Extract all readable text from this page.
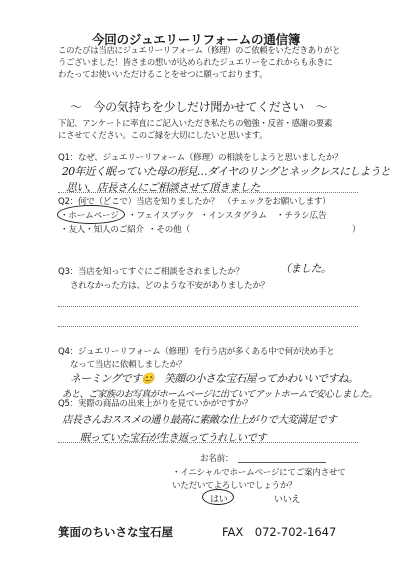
今回のジュエリーリフォームの通信簿
このたびは当店にジュエリーリフォーム（修理）のご依頼をいただきありがと
うございました！皆さまの想いが込められたジュエリーをこれからも永きに
わたってお使いいただけることをせつに願っております。
～　今の気持ちを少しだけ聞かせてください　～
下記、アンケートに率直にご記入いただき私たちの勉強・反省・感謝の要素
にさせてください。このご縁を大切にしたいと思います。
Q1：なぜ、ジュエリーリフォーム（修理）の相談をしようと思いましたか？
20年近く眠っていた母の形見…ダイヤのリングとネックレスにしようと
思い、店長さんにご相談させて頂きました
Q2：何で（どこで）当店を知りましたか？　（チェックをお願いします）
・ホームページ ・フェイスブック ・インスタグラム ・チラシ広告
・友人・知人のご紹介 ・その他（	）
Q3：当店を知ってすぐにご相談をされましたか？	（ました。
されなかった方は、どのような不安がありましたか？
Q4：ジュエリーリフォーム（修理）を行う店が多くある中で何が決め手と
なって当店に依頼しましたか？
ネーミングです😊　笑顔の小さな宝石屋ってかわいいですね。
あと、ご家族のお写真がホームページに出ていてアットホームで安心しました。
Q5：実際の商品の出来上がりを見ていかがですか？
店長さんおススメの通り最高に素敵な仕上がりで大変満足です
眠っていた宝石が生き返ってうれしいです
お名前：
・イニシャルでホームページにてご案内させて
いただいてよろしいでしょうか？
はい	いいえ
箕面のちいさな宝石屋	FAX　072-702-1647
